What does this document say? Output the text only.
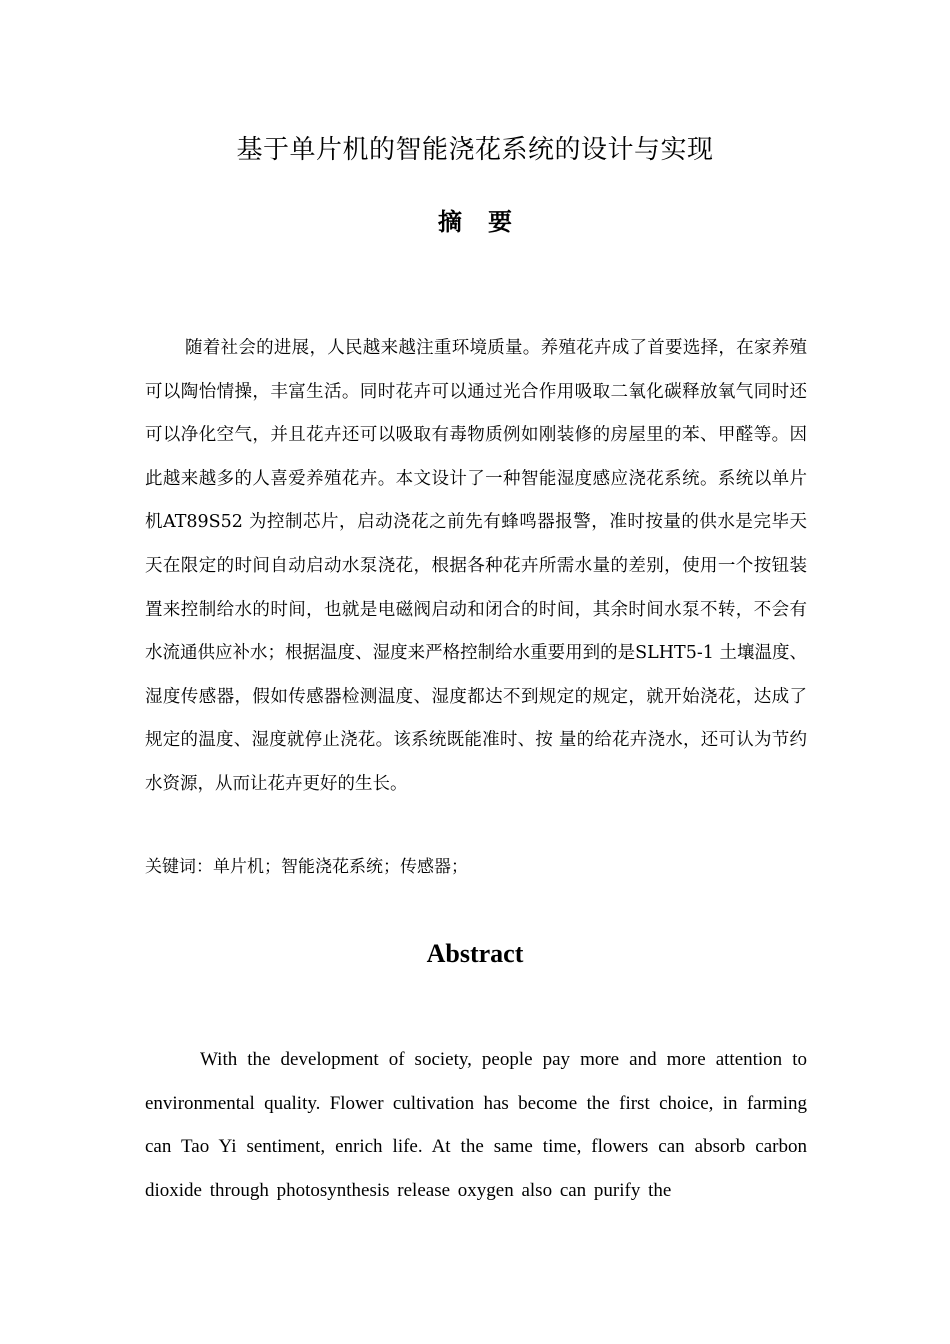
基于单片机的智能浇花系统的设计与实现
摘要

随着社会的进展，人民越来越注重环境质量。养殖花卉成了首要选择，在家养殖可以陶怡情操，丰富生活。同时花卉可以通过光合作用吸取二氧化碳释放氧气同时还可以净化空气，并且花卉还可以吸取有毒物质例如刚装修的房屋里的苯、甲醛等。因此越来越多的人喜爱养殖花卉。本文设计了一种智能湿度感应浇花系统。系统以单片机AT89S52 为控制芯片，启动浇花之前先有蜂鸣器报警，准时按量的供水是完毕天天在限定的时间自动启动水泵浇花，根据各种花卉所需水量的差别，使用一个按钮装置来控制给水的时间，也就是电磁阀启动和闭合的时间，其余时间水泵不转，不会有水流通供应补水；根据温度、湿度来严格控制给水重要用到的是SLHT5-1 土壤温度、湿度传感器，假如传感器检测温度、湿度都达不到规定的规定，就开始浇花，达成了规定的温度、湿度就停止浇花。该系统既能准时、按 量的给花卉浇水，还可认为节约水资源，从而让花卉更好的生长。

关键词：单片机；智能浇花系统；传感器；
Abstract

With the development of society, people pay more and more attention to environmental quality. Flower cultivation has become the first choice, in farming can Tao Yi sentiment, enrich life. At the same time, flowers can absorb carbon dioxide through photosynthesis release oxygen also can purify the
